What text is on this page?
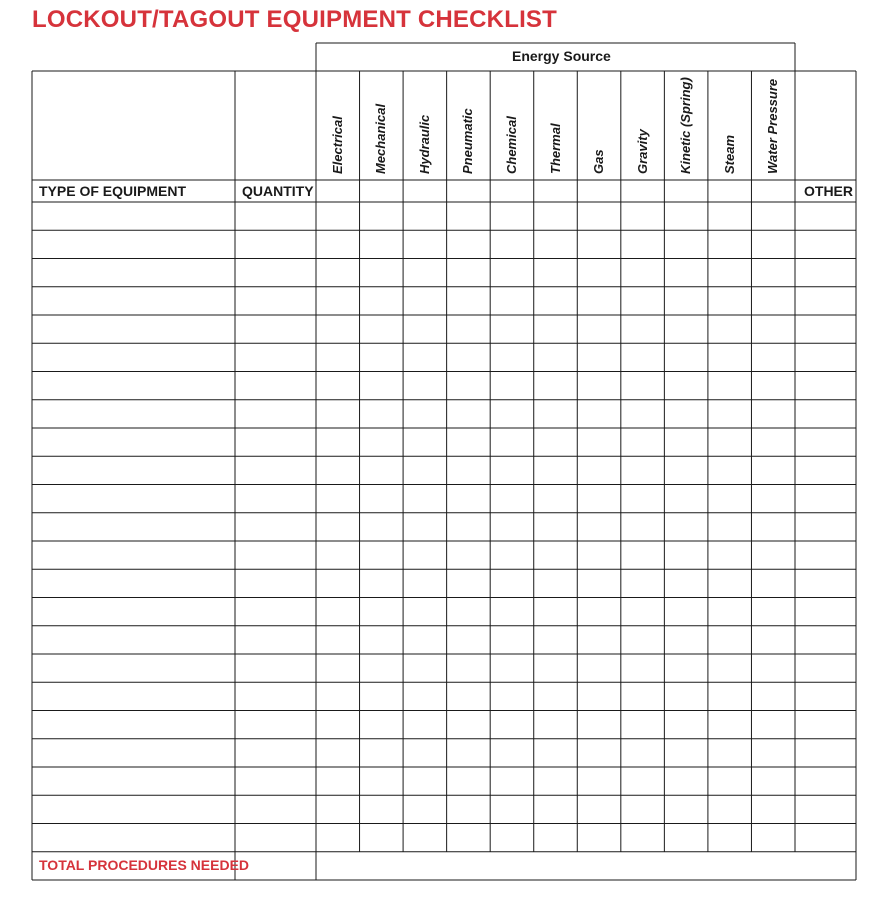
LOCKOUT/TAGOUT EQUIPMENT CHECKLIST
Energy Source
TYPE OF EQUIPMENT	QUANTITY	OTHER
TOTAL PROCEDURES NEEDED
Electrical Mechanical Hydraulic Pneumatic Chemical Thermal Gas Gravity Kinetic (Spring) Steam Water Pressure
